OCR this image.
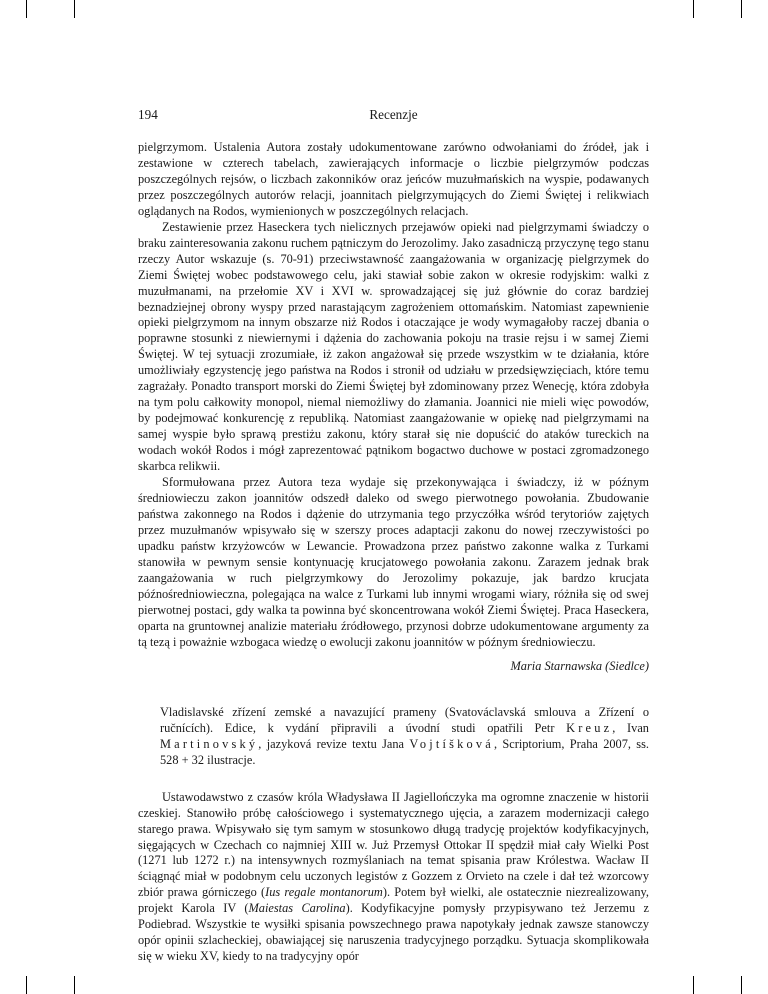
194	Recenzje

pielgrzymom. Ustalenia Autora zostały udokumentowane zarówno odwołaniami do źródeł, jak i zestawione w czterech tabelach, zawierających informacje o liczbie pielgrzymów podczas poszczególnych rejsów, o liczbach zakonników oraz jeńców muzułmańskich na wyspie, podawanych przez poszczególnych autorów relacji, joannitach pielgrzymujących do Ziemi Świętej i relikwiach oglądanych na Rodos, wymienionych w poszczególnych relacjach.

Zestawienie przez Haseckera tych nielicznych przejawów opieki nad pielgrzymami świadczy o braku zainteresowania zakonu ruchem pątniczym do Jerozolimy. Jako zasadniczą przyczynę tego stanu rzeczy Autor wskazuje (s. 70-91) przeciwstawność zaangażowania w organizację pielgrzymek do Ziemi Świętej wobec podstawowego celu, jaki stawiał sobie zakon w okresie rodyjskim: walki z muzułmanami, na przełomie XV i XVI w. sprowadzającej się już głównie do coraz bardziej beznadziejnej obrony wyspy przed narastającym zagrożeniem ottomańskim. Natomiast zapewnienie opieki pielgrzymom na innym obszarze niż Rodos i otaczające je wody wymagałoby raczej dbania o poprawne stosunki z niewiernymi i dążenia do zachowania pokoju na trasie rejsu i w samej Ziemi Świętej. W tej sytuacji zrozumiałe, iż zakon angażował się przede wszystkim w te działania, które umożliwiały egzystencję jego państwa na Rodos i stronił od udziału w przedsięwzięciach, które temu zagrażały. Ponadto transport morski do Ziemi Świętej był zdominowany przez Wenecję, która zdobyła na tym polu całkowity monopol, niemal niemożliwy do złamania. Joannici nie mieli więc powodów, by podejmować konkurencję z republiką. Natomiast zaangażowanie w opiekę nad pielgrzymami na samej wyspie było sprawą prestiżu zakonu, który starał się nie dopuścić do ataków tureckich na wodach wokół Rodos i mógł zaprezentować pątnikom bogactwo duchowe w postaci zgromadzonego skarbca relikwii.

Sformułowana przez Autora teza wydaje się przekonywająca i świadczy, iż w późnym średniowieczu zakon joannitów odszedł daleko od swego pierwotnego powołania. Zbudowanie państwa zakonnego na Rodos i dążenie do utrzymania tego przyczółka wśród terytoriów zajętych przez muzułmanów wpisywało się w szerszy proces adaptacji zakonu do nowej rzeczywistości po upadku państw krzyżowców w Lewancie. Prowadzona przez państwo zakonne walka z Turkami stanowiła w pewnym sensie kontynuację krucjatowego powołania zakonu. Zarazem jednak brak zaangażowania w ruch pielgrzymkowy do Jerozolimy pokazuje, jak bardzo krucjata późnośredniowieczna, polegająca na walce z Turkami lub innymi wrogami wiary, różniła się od swej pierwotnej postaci, gdy walka ta powinna być skoncentrowana wokół Ziemi Świętej. Praca Haseckera, oparta na gruntownej analizie materiału źródłowego, przynosi dobrze udokumentowane argumenty za tą tezą i poważnie wzbogaca wiedzę o ewolucji zakonu joannitów w późnym średniowieczu.

Maria Starnawska (Siedlce)

Vladislavské zřízení zemské a navazující prameny (Svatováclavská smlouva a Zřízení o ručnících). Edice, k vydání připravili a úvodní studi opatřili Petr Kreuz, Ivan Martinovský, jazyková revize textu Jana Vojtíšková, Scriptorium, Praha 2007, ss. 528 + 32 ilustracje.

Ustawodawstwo z czasów króla Władysława II Jagiellończyka ma ogromne znaczenie w historii czeskiej. Stanowiło próbę całościowego i systematycznego ujęcia, a zarazem modernizacji całego starego prawa. Wpisywało się tym samym w stosunkowo długą tradycję projektów kodyfikacyjnych, sięgających w Czechach co najmniej XIII w. Już Przemysł Ottokar II spędził miał cały Wielki Post (1271 lub 1272 r.) na intensywnych rozmyślaniach na temat spisania praw Królestwa. Wacław II ściągnąć miał w podobnym celu uczonych legistów z Gozzem z Orvieto na czele i dał też wzorcowy zbiór prawa górniczego (Ius regale montanorum). Potem był wielki, ale ostatecznie niezrealizowany, projekt Karola IV (Maiestas Carolina). Kodyfikacyjne pomysły przypisywano też Jerzemu z Podiebrad. Wszystkie te wysiłki spisania powszechnego prawa napotykały jednak zawsze stanowczy opór opinii szlacheckiej, obawiającej się naruszenia tradycyjnego porządku. Sytuacja skomplikowała się w wieku XV, kiedy to na tradycyjny opór
